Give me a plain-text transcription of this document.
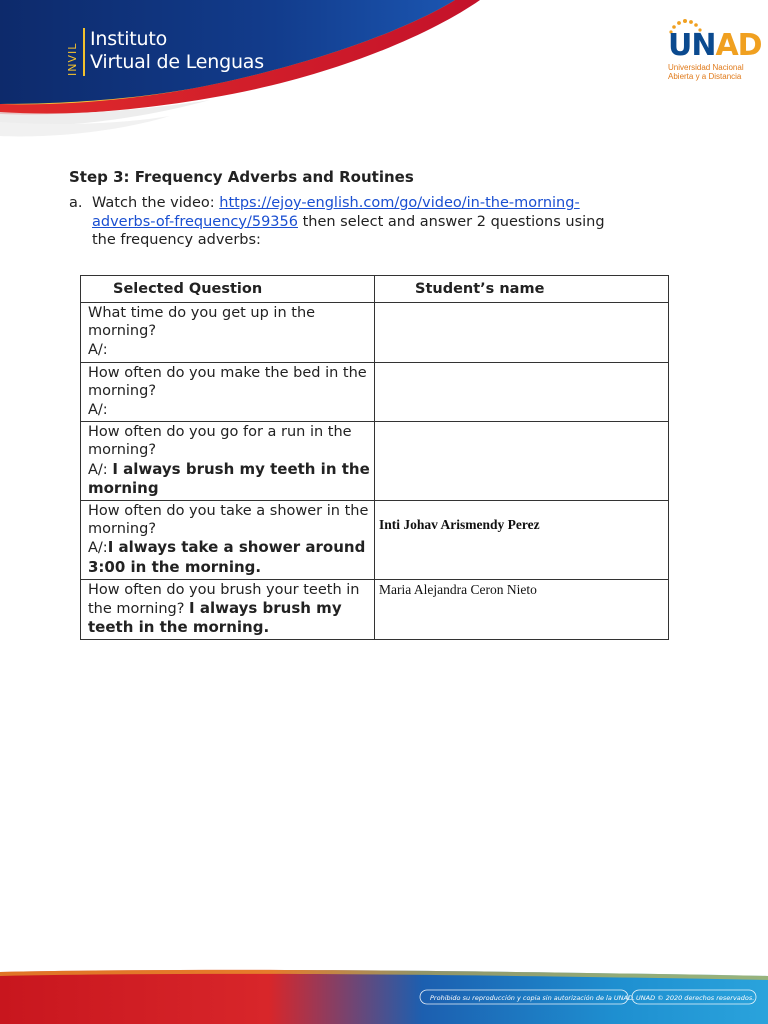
INVIL
Instituto
Virtual de Lenguas	UNAD
Universidad Nacional
Abierta y a Distancia
Step 3: Frequency Adverbs and Routines
a. Watch the video: https://ejoy-english.com/go/video/in-the-morning-adverbs-of-frequency/59356 then select and answer 2 questions using the frequency adverbs:
Selected Question	Student’s name
What time do you get up in the morning?
A/:	

How often do you make the bed in the morning?
A/:	

How often do you go for a run in the morning?
A/: I always brush my teeth in the morning	

How often do you take a shower in the morning?
A/:I always take a shower around 3:00 in the morning.	Inti Johav Arismendy Perez

How often do you brush your teeth in the morning? I always brush my teeth in the morning.	Maria Alejandra Ceron Nieto
Prohibido su reproducción y copia sin autorización de la UNAD. UNAD © 2020 derechos reservados.
